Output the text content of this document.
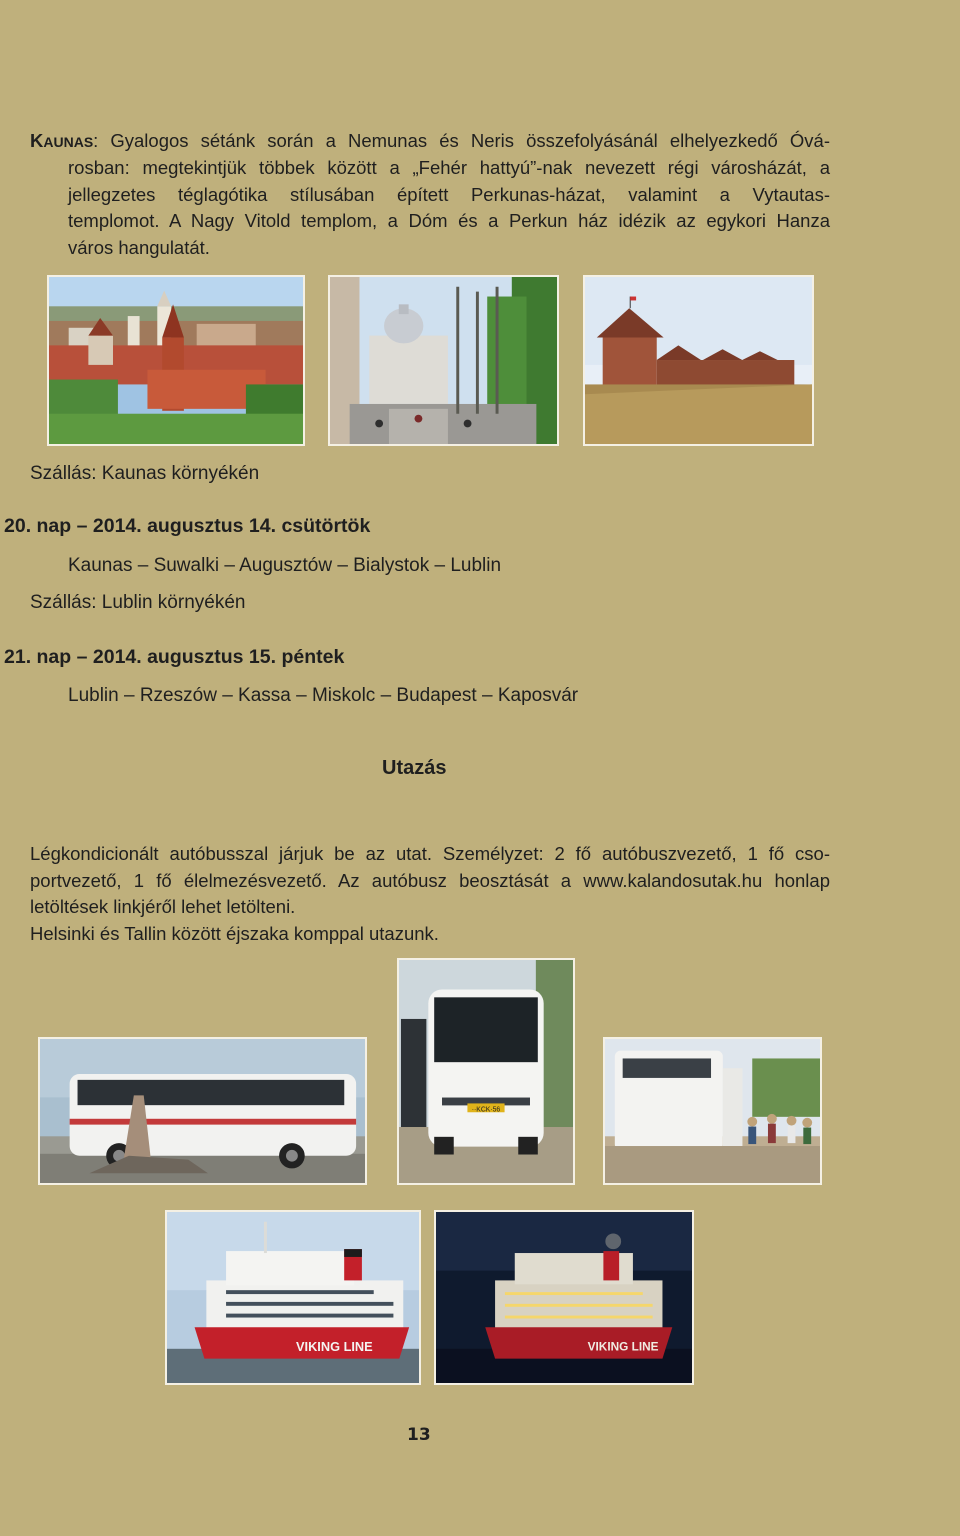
KAUNAS: Gyalogos sétánk során a Nemunas és Neris összefolyásánál elhelyezkedő Óvá-
rosban: megtekintjük többek között a „Fehér hattyú”-nak nevezett régi városházát, a
jellegzetes téglagótika stílusában épített Perkunas-házat, valamint a Vytautas-
templomot. A Nagy Vitold templom, a Dóm és a Perkun ház idézik az egykori Hanza
város hangulatát.
Szállás: Kaunas környékén
20. nap – 2014. augusztus 14. csütörtök
Kaunas – Suwalki – Augusztów – Bialystok – Lublin
Szállás: Lublin környékén
21. nap – 2014. augusztus 15. péntek
Lublin – Rzeszów – Kassa – Miskolc – Budapest – Kaposvár
Utazás
Légkondicionált autóbusszal járjuk be az utat. Személyzet: 2 fő autóbuszvezető, 1 fő cso-
portvezető, 1 fő élelmezésvezető. Az autóbusz beosztását a www.kalandosutak.hu honlap
letöltések linkjéről lehet letölteni.
Helsinki és Tallin között éjszaka komppal utazunk.
··KCK·56
VIKING LINE	VIKING LINE
13
